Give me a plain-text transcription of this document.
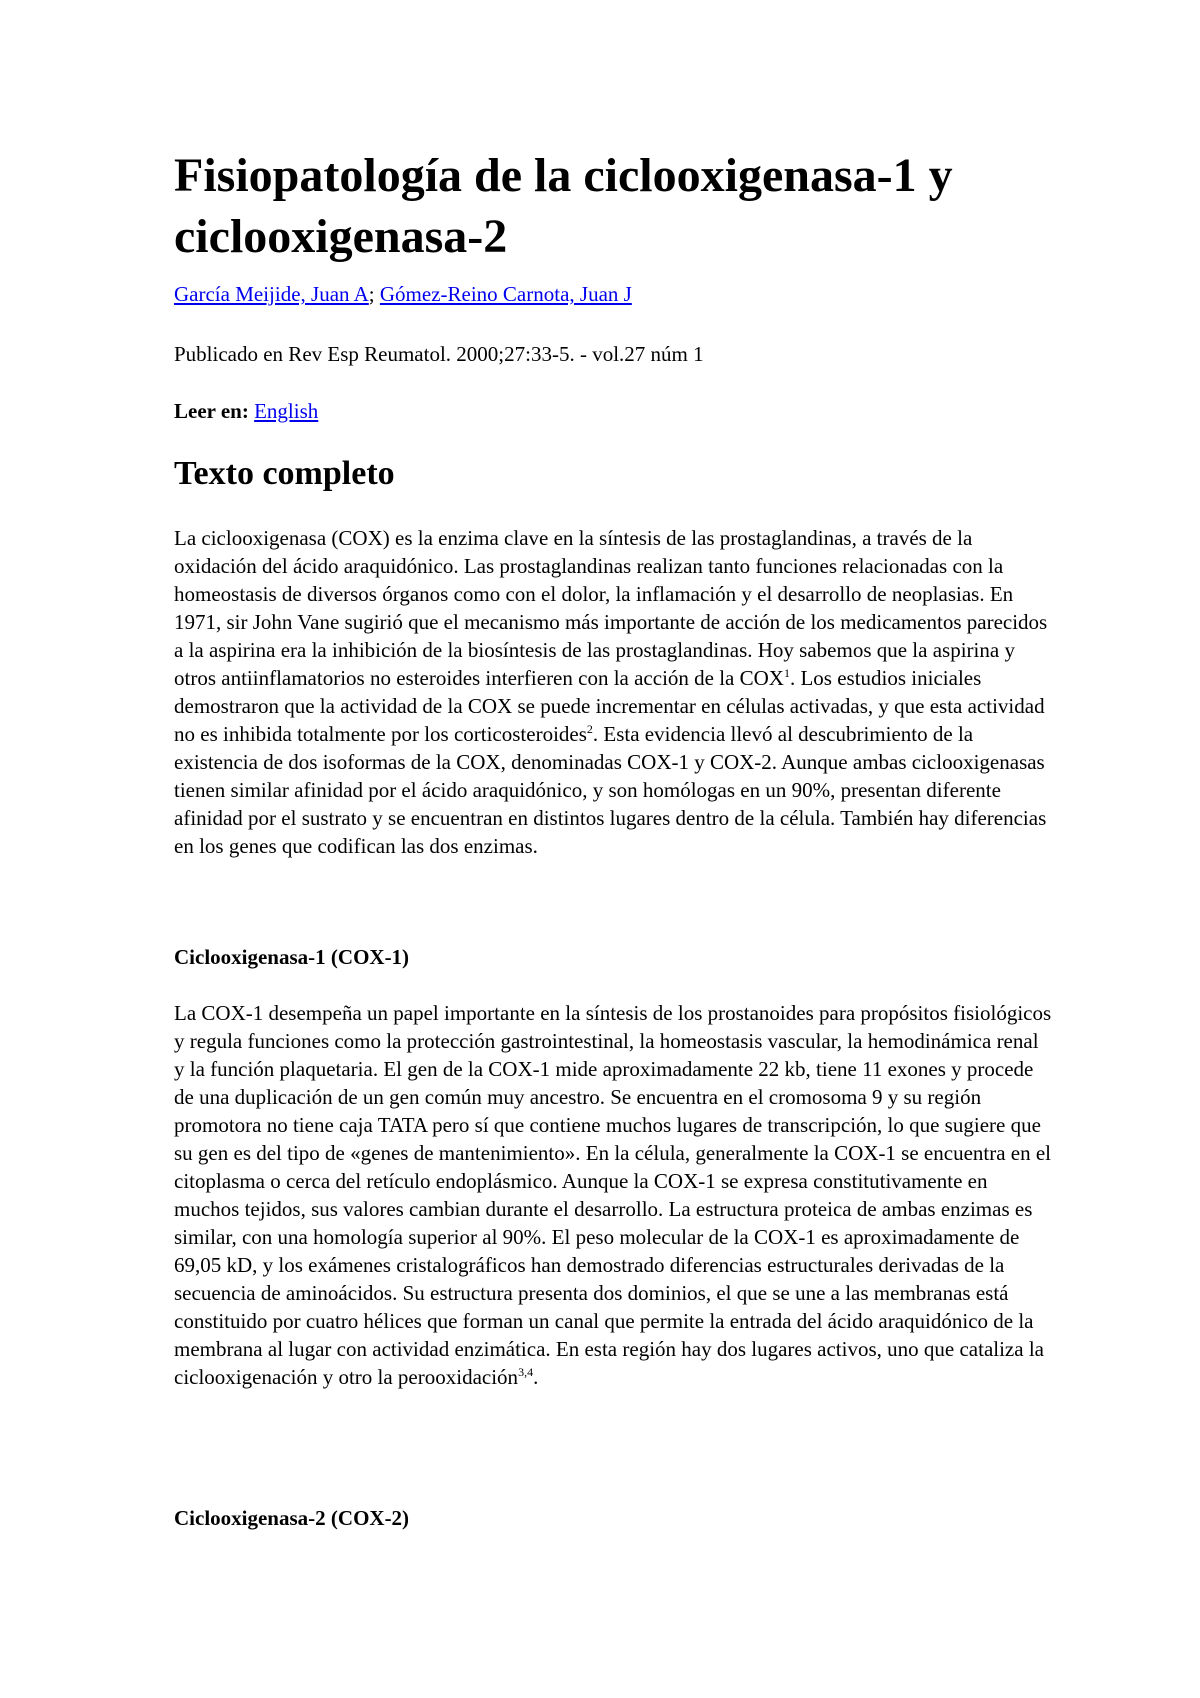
Fisiopatología de la ciclooxigenasa-1 y ciclooxigenasa-2
García Meijide, Juan A; Gómez-Reino Carnota, Juan J
Publicado en Rev Esp Reumatol. 2000;27:33-5. - vol.27 núm 1
Leer en: English
Texto completo

La ciclooxigenasa (COX) es la enzima clave en la síntesis de las prostaglandinas, a través de la oxidación del ácido araquidónico. Las prostaglandinas realizan tanto funciones relacionadas con la homeostasis de diversos órganos como con el dolor, la inflamación y el desarrollo de neoplasias. En 1971, sir John Vane sugirió que el mecanismo más importante de acción de los medicamentos parecidos a la aspirina era la inhibición de la biosíntesis de las prostaglandinas. Hoy sabemos que la aspirina y otros antiinflamatorios no esteroides interfieren con la acción de la COX$^1$. Los estudios iniciales demostraron que la actividad de la COX se puede incrementar en células activadas, y que esta actividad no es inhibida totalmente por los corticosteroides$^2$. Esta evidencia llevó al descubrimiento de la existencia de dos isoformas de la COX, denominadas COX-1 y COX-2. Aunque ambas ciclooxigenasas tienen similar afinidad por el ácido araquidónico, y son homólogas en un 90%, presentan diferente afinidad por el sustrato y se encuentran en distintos lugares dentro de la célula. También hay diferencias en los genes que codifican las dos enzimas.

Ciclooxigenasa-1 (COX-1)

La COX-1 desempeña un papel importante en la síntesis de los prostanoides para propósitos fisiológicos y regula funciones como la protección gastrointestinal, la homeostasis vascular, la hemodinámica renal y la función plaquetaria. El gen de la COX-1 mide aproximadamente 22 kb, tiene 11 exones y procede de una duplicación de un gen común muy ancestro. Se encuentra en el cromosoma 9 y su región promotora no tiene caja TATA pero sí que contiene muchos lugares de transcripción, lo que sugiere que su gen es del tipo de «genes de mantenimiento». En la célula, generalmente la COX-1 se encuentra en el citoplasma o cerca del retículo endoplásmico. Aunque la COX-1 se expresa constitutivamente en muchos tejidos, sus valores cambian durante el desarrollo. La estructura proteica de ambas enzimas es similar, con una homología superior al 90%. El peso molecular de la COX-1 es aproximadamente de 69,05 kD, y los exámenes cristalográficos han demostrado diferencias estructurales derivadas de la secuencia de aminoácidos. Su estructura presenta dos dominios, el que se une a las membranas está constituido por cuatro hélices que forman un canal que permite la entrada del ácido araquidónico de la membrana al lugar con actividad enzimática. En esta región hay dos lugares activos, uno que cataliza la ciclooxigenación y otro la perooxidación$^{3,4}$.

Ciclooxigenasa-2 (COX-2)
